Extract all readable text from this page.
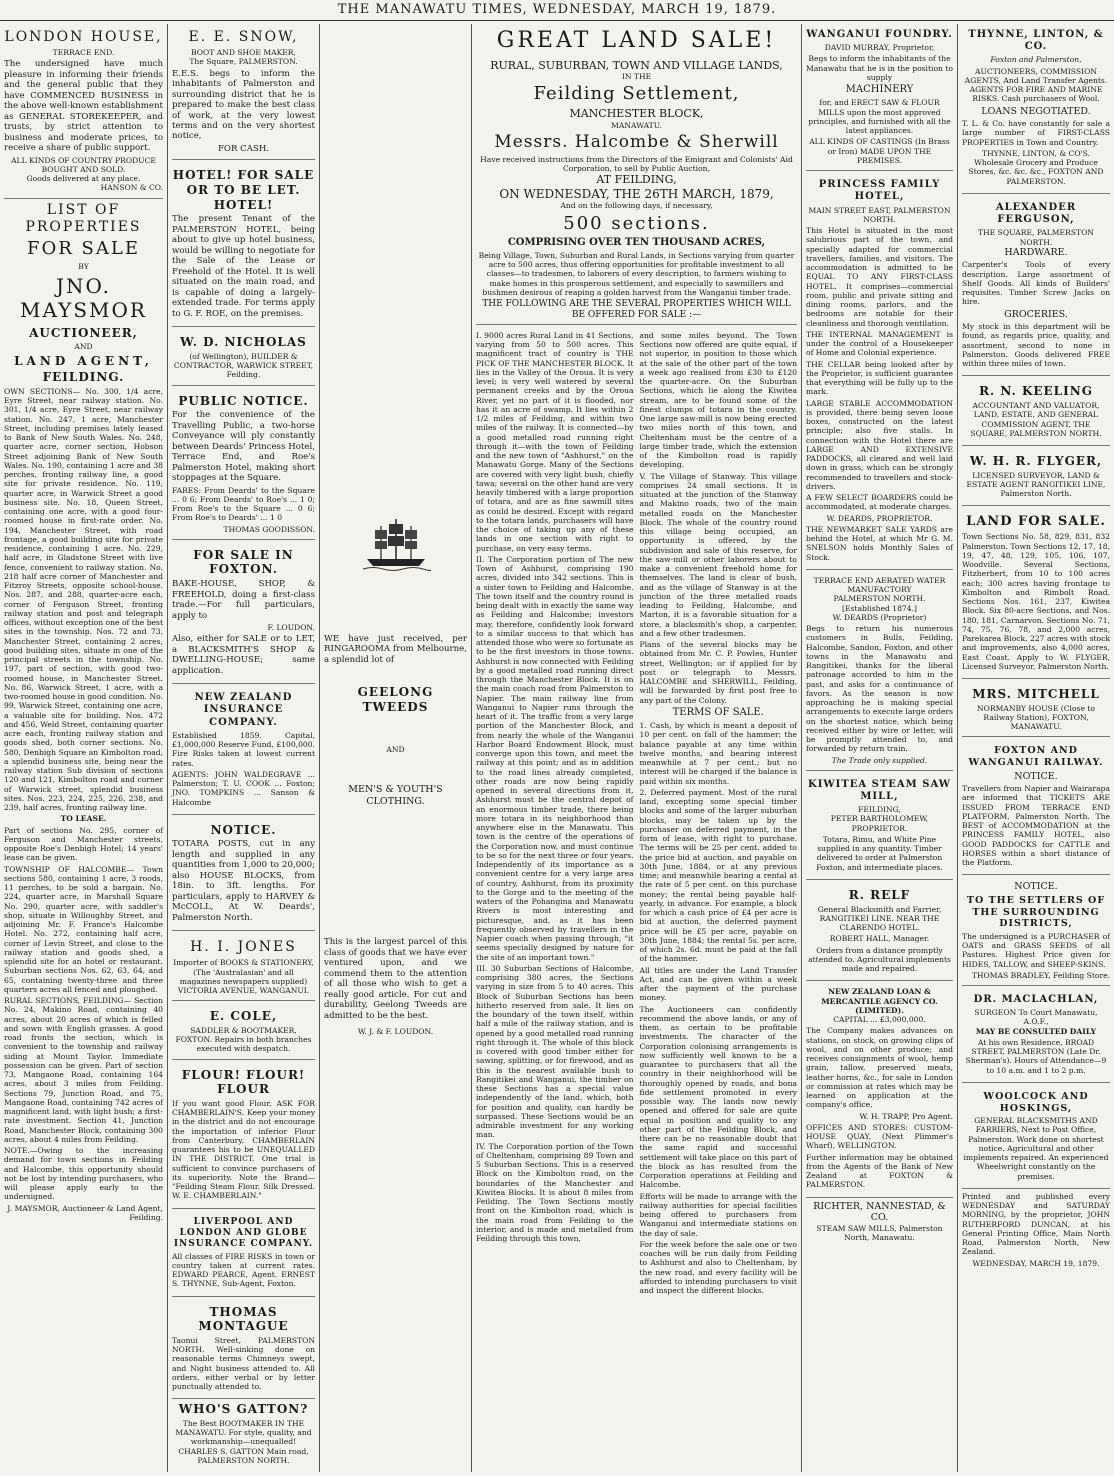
THE MANAWATU TIMES, WEDNESDAY, MARCH 19, 1879.
LONDON HOUSE,
TERRACE END.

The undersigned have much pleasure in informing their friends and the general public that they have COMMENCED BUSINESS in the above well-known establishment as GENERAL STOREKEEPER, and trusts, by strict attention to business and moderate prices, to receive a share of public support.

ALL KINDS OF COUNTRY PRODUCE BOUGHT AND SOLD.
Goods delivered at any place.
HANSON & CO.
LIST OF PROPERTIES
FOR SALE
BY
JNO. MAYSMOR
AUCTIONEER,
AND
LAND AGENT,
FEILDING.

OWN SECTIONS— No. 300, 1/4 acre, Eyre Street, near railway station. No. 301, 1/4 acre, Eyre Street, near railway station. No. 247, 1 acre, Manchester Street, including premises lately leased to Bank of New South Wales. No. 248, quarter acre, corner section, Hobson Street adjoining Bank of New South Wales. No. 190, containing 1 acre and 38 perches, fronting railway line, a good site for private residence. No. 119, quarter acre, in Warwick Street a good business site. No. 18, Queen Street, containing one acre, with a good four-roomed house in first-rate order. No. 194, Manchester Street, with road frontage, a good building site for private residence, containing 1 acre. No. 229, half acre, in Gladstone Street with live fence, convenient to railway station. No. 218 half acre corner of Manchester and Fitzroy Streets, opposite school-house. Nos. 287, and 288, quarter-acre each, corner of Ferguson Street, fronting railway station and post and telegraph offices, without exception one of the best sites in the township. Nos. 72 and 73, Manchester Street, containing 2 acres, good building sites, situate in one of the principal streets in the township. No. 197, part of section, with good two-roomed house, in Manchester Street. No. 86, Warwick Street, 1 acre, with a two-roomed house in good condition. No. 99, Warwick Street, containing one acre, a valuable site for building. Nos. 472 and 456, Weld Street, containing quarter acre each, fronting railway station and goods shed, both corner sections. No. 580, Denbigh Square an Kimbolton road, a splendid business site, being near the railway station Sub division of sections 120 and 121, Kimbolton road and corner of Warwick street, splendid business sites. Nos. 223, 224, 225, 226, 238, and 239, half acres, fronting railway line.

TO LEASE.

Part of sections No. 295, corner of Ferguson and Manchester streets, opposite Roe's Denbigh Hotel; 14 years' lease can be given.

TOWNSHIP OF HALCOMBE— Town sections 580, containing 1 acre, 3 roods, 11 perches, to be sold a bargain. No. 224, quarter acre, in Marshall Square No. 290, quarter acre, with saddler's shop, situate in Willoughby Street, and adjoining Mr. F. France's Halcombe Hotel. No. 272, containing half acre, corner of Levin Street, and close to the railway station and goods shed, a splendid site for an hotel or restaurant. Suburban sections Nos. 62, 63, 64, and 65, containing twenty-three and three quarters acres all fenced and ploughed.

RURAL SECTIONS, FEILDING— Section No. 24, Makino Road, containing 40 acres, about 20 acres of which is felled and sown with English grasses. A good road fronts the section, which is convenient to the township and railway siding at Mount Taylor. Immediate possession can be given. Part of section 73, Mangaone Road, containing 164 acres, about 3 miles from Feilding. Sections 79, Junction Road, and 75, Mangaone Road, containing 742 acres of magnificent land, with light bush; a first-rate investment. Section 41, Junction Road, Manchester Block, containing 300 acres, about 4 miles from Feilding.

NOTE.—Owing to the increasing demand for town sections in Feilding and Halcombe, this opportunity should not be lost by intending purchasers, who will please apply early to the undersigned.

J. MAYSMOR, Auctioneer & Land Agent, Feilding.
E. E. SNOW,
BOOT AND SHOE MAKER,
The Square, PALMERSTON.

E.E.S. begs to inform the inhabitants of Palmerston and surrounding district that he is prepared to make the best class of work, at the very lowest terms and on the very shortest notice,

FOR CASH.
HOTEL! FOR SALE OR TO BE LET. HOTEL!

The present Tenant of the PALMERSTON HOTEL, being about to give up hotel business, would be willing to negotiate for the Sale of the Lease or Freehold of the Hotel. It is well situated on the main road, and is capable of doing a largely-extended trade. For terms apply to G. F. ROE, on the premises.

W. D. NICHOLAS
(of Wellington), BUILDER & CONTRACTOR, WARWICK STREET, Feilding.
PUBLIC NOTICE.

For the convenience of the Travelling Public, a two-horse Conveyance will ply constantly between Deards' Princess Hotel, Terrace End, and Roe's Palmerston Hotel, making short stoppages at the Square.

FARES: From Deards' to the Square ... 0 6; From Deards' to Roe's ... 1 0; From Roe's to the Square ... 0 6; From Roe's to Deards' ... 1 0

THOMAS GOODISSON.
FOR SALE IN FOXTON.

BAKE-HOUSE, SHOP, & FREEHOLD, doing a first-class trade.—For full particulars, apply to

F. LOUDON.

Also, either for SALE or to LET, a BLACKSMITH'S SHOP & DWELLING-HOUSE; same application.

NEW ZEALAND INSURANCE COMPANY.

Established 1859. Capital, £1,000,000 Reserve Fund, £100,000. Fire Risks taken at lowest current rates.

AGENTS: JOHN WALDEGRAVE ... Palmerston; T. U. COOK ... Foxton; JNO. TOMPKINS ... Sanson & Halcombe

NOTICE.

TOTARA POSTS, cut in any length and supplied in any quantities from 1,000 to 20,000; also HOUSE BLOCKS, from 18in. to 3ft. lengths. For particulars, apply to HARVEY & McCOLL, At W. Deards', Palmerston North.

H. I. JONES
Importer of BOOKS & STATIONERY, (The 'Australasian' and all magazines newspapers supplied) VICTORIA AVENUE, WANGANUI.
E. COLE,
SADDLER & BOOTMAKER, FOXTON. Repairs in both branches executed with despatch.
FLOUR! FLOUR! FLOUR

If you want good Flour, ASK FOR CHAMBERLAIN'S. Keep your money in the district and do not encourage the importation of inferior Flour from Canterbury. CHAMBERLAIN guarantees his to be UNEQUALLED IN THE DISTRICT. One trial is sufficient to convince purchasers of its superiority. Note the Brand— "Feilding Steam Flour. Silk Dressed. W. E. CHAMBERLAIN."

LIVERPOOL AND LONDON AND GLOBE INSURANCE COMPANY.

All classes of FIRE RISKS in town or country taken at current rates. EDWARD PEARCE, Agent. ERNEST S. THYNNE, Sub-Agent, Foxton.

THOMAS MONTAGUE

Taonui Street, PALMERSTON NORTH. Well-sinking done on reasonable terms Chimneys swept, and Night business attended to. All orders, either verbal or by letter punctually attended to.

WHO'S GATTON?
The Best BOOTMAKER IN THE MANAWATU. For style, quality, and workmanship—unequalled! CHARLES S. GATTON Main road, PALMERSTON NORTH.

WE have just received, per RINGAROOMA from Melbourne, a splendid lot of

GEELONG TWEEDS
AND
MEN'S & YOUTH'S CLOTHING.

This is the largest parcel of this class of goods that we have ever ventured upon, and we commend them to the attention of all those who wish to get a really good article. For cut and durability, Geelong Tweeds are admitted to be the best.

W. J. & F. LOUDON.
GREAT LAND SALE!
RURAL, SUBURBAN, TOWN AND VILLAGE LANDS,
IN THE
Feilding Settlement,
MANCHESTER BLOCK,
MANAWATU.
Messrs. Halcombe & Sherwill
Have received instructions from the Directors of the Emigrant and Colonists' Aid Corporation, to sell by Public Auction,
AT FEILDING,
ON WEDNESDAY, THE 26TH MARCH, 1879,
And on the following days, if necessary,
500 sections.
COMPRISING OVER TEN THOUSAND ACRES,

Being Village, Town, Suburban and Rural Lands, in Sections varying from quarter acre to 500 acres, thus offering opportunities for profitable investment to all classes—to tradesmen, to laborers of every description, to farmers wishing to make homes in this prosperous settlement, and especially to sawmillers and bushmen desirous of reaping a golden harvest from the Wanganui timber trade.

THE FOLLOWING ARE THE SEVERAL PROPERTIES WHICH WILL BE OFFERED FOR SALE :—

I. 9000 acres Rural Land in 41 Sections, varying from 50 to 500 acres. This magnificent tract of country is THE PICK OF THE MANCHESTER BLOCK. It lies in the Valley of the Oroua. It is very level; is very well watered by several permanent creeks and by the Oroua River, yet no part of it is flooded, nor has it an acre of swamp. It lies within 2 1/2 miles of Feilding, and within two miles of the railway. It is connected—by a good metalled road running right through it—with the town of Feilding and the new town of "Ashhurst," on the Manawatu Gorge. Many of the Sections are covered with very light bush, chiefly tawa; several on the other hand are very heavily timbered with a large proportion of totara, and are as fine sawmill sites as could be desired. Except with regard to the totara lands, purchasers will have the choice of taking up any of these lands in one section with right to purchase, on very easy terms.

II. The Corporation portion of The new Town of Ashhurst, comprising 190 acres, divided into 342 sections. This is a sister town to Feilding and Halcombe. The town itself and the country round is being dealt with in exactly the same way as Feilding and Halcombe; investors may, therefore, confidently look forward to a similar success to that which has attended those who were so fortunate as to be the first investors in those towns. Ashhurst is now connected with Feilding by a good metalled road running direct through the Manchester Block. It is on the main coach road from Palmerston to Napier. The main railway line from Wanganui to Napier runs through the heart of it. The traffic from a very large portion of the Manchester Block, and from nearly the whole of the Wanganui Harbor Board Endowment Block, must converge upon this town, and meet the railway at this point; and as in addition to the road lines already completed, other roads are now being rapidly opened in several directions from it, Ashhurst must be the central depot of an enormous timber trade, there being more totara in its neighborhood than anywhere else in the Manawatu. This town is the centre of the operations of the Corporation now, and must continue to be so for the next three or four years. Independently of its importance as a convenient centre for a very large area of country, Ashhurst, from its proximity to the Gorge and to the meeting of the waters of the Pohangina and Manawatu Rivers is most interesting and picturesque, and, as it has been frequently observed by travellers in the Napier coach when passing through, "it seems specially designed by nature for the site of an important town."

III. 30 Suburban Sections of Halcombe, comprising 380 acres, the Sections varying in size from 5 to 40 acres. This Block of Suburban Sections has been hitherto reserved from sale. It lies on the boundary of the town itself, within half a mile of the railway station, and is opened by a good metalled road running right through it. The whole of this block is covered with good timber either for sawing, splitting, or for firewood, and as this is the nearest available bush to Rangitikei and Wanganui, the timber on these Sections has a special value independently of the land, which, both for position and quality, can hardly be surpassed. These Sections would be an admirable investment for any working man.

IV. The Corporation portion of the Town of Cheltenham, comprising 89 Town and 5 Suburban Sections. This is a reserved Block on the Kimbolton road, on the boundaries of the Manchester and Kiwitea Blocks. It is about 8 miles from Feilding. The Town Sections mostly front on the Kimbolton road, which is the main road from Feilding to the interior, and is made and metalled from Feilding through this town,

and some miles beyond. The Town Sections now offered are quite equal, if not superior, in position to those which at the sale of the other part of the town a week ago realised from £30 to £120 the quarter-acre. On the Suburban Sections, which lie along the Kiwitea stream, are to be found some of the finest clumps of totara in the country. One large saw-mill is now being erected two miles north of this town, and Cheltenham must be the centre of a large timber trade, which the extension of the Kimbolton road is rapidly developing.

V. The Village of Stanway. This village comprises 24 small sections. It is situated at the junction of the Stanway and Makino roads, two of the main metalled roads on the Manchester Block. The whole of the country round this village being occupied, an opportunity is offered, by the subdivision and sale of this reserve, for the saw-mill or other laborers about to make a convenient freehold home for themselves. The land is clear of bush, and as the village of Stanway is at the junction of the three metalled roads leading to Feilding, Halcombe, and Marton, it is a favorable situation for a store, a blacksmith's shop, a carpenter, and a few other tradesmen.

Plans of the several blocks may be obtained from Mr. C. P. Powles, Hunter street, Wellington; or if applied for by post or telegraph to Messrs. HALCOMBE and SHERWILL, Feilding, will be forwarded by first post free to any part of the Colony.

TERMS OF SALE.

1. Cash, by which is meant a deposit of 10 per cent. on fall of the hammer; the balance payable at any time within twelve months, and bearing interest meanwhile at 7 per cent.; but no interest will be charged if the balance is paid within six months.

2. Deferred payment. Most of the rural land, excepting some special timber blocks and some of the larger suburban blocks, may be taken up by the purchaser on deferred payment, in the form of lease, with right to purchase. The terms will be 25 per cent. added to the price bid at auction, and payable on 30th June, 1884, or at any previous time; and meanwhile bearing a rental at the rate of 5 per cent. on this purchase money; the rental being payable half-yearly, in advance. For example, a block for which a cash price of £4 per acre is bid at auction, the deferred payment price will be £5 per acre, payable on 30th June, 1884; the rental 5s. per acre, of which 2s. 6d. must be paid at the fall of the hammer.

All titles are under the Land Transfer Act, and can be given within a week after the payment of the purchase money.

The Auctioneers can confidently recommend the above lands, or any of them, as certain to be profitable investments. The character of the Corporation colonising arrangements is now sufficiently well known to be a guarantee to purchasers that all the country in their neighborhood will be thoroughly opened by roads, and bona fide settlement promoted in every possible way. The lands now newly opened and offered for sale are quite equal in position and quality to any other part of the Feilding Block, and there can be no reasonable doubt that the same rapid and successful settlement will take place on this part of the block as has resulted from the Corporation operations at Feilding and Halcombe.

Efforts will be made to arrange with the railway authorities for special facilities being offered to purchasers from Wanganui and intermediate stations on the day of sale.

For the week before the sale one or two coaches will be run daily from Feilding to Ashhurst and also to Cheltenham, by the new road, and every facility will be afforded to intending purchasers to visit and inspect the different blocks.

WANGANUI FOUNDRY.
DAVID MURRAY, Proprietor,

Begs to inform the inhabitants of the Manawatu that he is in the position to supply

MACHINERY

for, and ERECT SAW & FLOUR MILLS upon the most approved principles, and furnished with all the latest appliances.

ALL KINDS OF CASTINGS (In Brass or Iron) MADE UPON THE PREMISES.
PRINCESS FAMILY HOTEL,
MAIN STREET EAST, PALMERSTON NORTH.

This Hotel is situated in the most salubrious part of the town, and specially adapted for commercial travellers, families, and visitors. The accommodation is admitted to be EQUAL TO ANY FIRST-CLASS HOTEL. It comprises—commercial room, public and private sitting and dining rooms, parlors, and the bedrooms are notable for their cleanliness and thorough ventilation.

THE INTERNAL MANAGEMENT is under the control of a Housekeeper of Home and Colonial experience.

THE CELLAR being looked after by the Proprietor, is sufficient guarantee that everything will be fully up to the mark.

LARGE STABLE ACCOMMODATION is provided, there being seven loose boxes, constructed on the latest principle; also five stalls. In connection with the Hotel there are LARGE AND EXTENSIVE PADDOCKS, all cleared and well laid down in grass, which can be strongly recommended to travellers and stock-drivers.

A FEW SELECT BOARDERS could be accommodated, at moderate charges.

W. DEARDS, PROPRIETOR.

THE NEWMARKET SALE YARDS are behind the Hotel, at which Mr G. M. SNELSON holds Monthly Sales of Stock.

TERRACE END AERATED WATER MANUFACTORY
PALMERSTON NORTH.
[Established 1874.]
W. DEARDS (Proprietor)

Begs to return his numerous customers in Bulls, Feilding, Halcombe, Sandon, Foxton, and other towns in the Manawatu and Rangitikei, thanks for the liberal patronage accorded to him in the past, and asks for a continuance of favors. As the season is now approaching he is making special arrangements to execute large orders on the shortest notice, which being received either by wire or letter, will be promptly attended to, and forwarded by return train.

The Trade only supplied.
KIWITEA STEAM SAW MILL,
FEILDING,
PETER BARTHOLOMEW, PROPRIETOR.

Totara, Rimu, and White Pine supplied in any quantity. Timber delivered to order at Palmerston Foxton, and intermediate places.

R. RELF

General Blacksmith and Farrier, RANGITIKEI LINE. NEAR THE CLARENDO HOTEL.

ROBERT HALL, Manager.

Orders from a distance promptly attended to. Agricultural implements made and repaired.

NEW ZEALAND LOAN & MERCANTILE AGENCY CO. (LIMITED).
CAPITAL ... £3,000,000.

The Company makes advances on stations, on stock, on growing clips of wool, and on other produce; and receives consignments of wool, hemp grain, tallow, preserved meats, leather horns, &c., for sale in London or commission at rates which may be learned on application at the company's office,

W. H. TRAPP, Pro Agent.

OFFICES AND STORES: CUSTOM-HOUSE QUAY, (Next Plimmer's Wharf), WELLINGTON.

Further information may be obtained from the Agents of the Bank of New Zealand at FOXTON & PALMERSTON.

RICHTER, NANNESTAD, & CO.
STEAM SAW MILLS, Palmerston North, Manawatu.
THYNNE, LINTON, & CO.
Foxton and Palmerston,

AUCTIONEERS, COMMISSION AGENTS, And Land Transfer Agents. AGENTS FOR FIRE AND MARINE RISKS. Cash purchasers of Wool.

LOANS NEGOTIATED.

T. L. & Co. have constantly for sale a large number of FIRST-CLASS PROPERTIES in Town and Country.

THYNNE, LINTON, & CO'S. Wholesale Grocery and Produce Stores, &c. &c. &c., FOXTON AND PALMERSTON.

ALEXANDER FERGUSON,
THE SQUARE, PALMERSTON NORTH.
HARDWARE.

Carpenter's Tools of every description. Large assortment of Shelf Goods. All kinds of Builders' requisites. Timber Screw Jacks on hire.

GROCERIES.

My stock in this department will be found, as regards price, quality, and assortment, second to none in Palmerston. Goods delivered FREE within three miles of town.

R. N. KEELING

ACCOUNTANT AND VALUATOR, LAND, ESTATE, AND GENERAL COMMISSION AGENT, THE SQUARE, PALMERSTON NORTH.

W. H. R. FLYGER,

LICENSED SURVEYOR, LAND & ESTATE AGENT RANGITIKEI LINE, Palmerston North.

LAND FOR SALE.

Town Sections No. 58, 829, 831, 832 Palmerston. Town Sections 12, 17, 18, 19, 47, 48, 129, 105, 106, 107, Woodville. Several Sections, Fitzherbert, from 10 to 100 acres each; 300 acres having frontage to Kimbolton and Rimbolt Road. Sections Nos. 161, 237, Kiwitea Block. Six 80-acre Sections, and Nos. 180, 181, Carnarvon. Sections No. 71, 74, 75, 76, 78, and 2,000 acres, Parekarea Block. 227 acres with stock and improvements, also 4,000 acres, East Coast. Apply to W. FLYGER, Licensed Surveyor, Palmerston North.

MRS. MITCHELL
NORMANBY HOUSE (Close to Railway Station), FOXTON, MANAWATU.
FOXTON AND WANGANUI RAILWAY.
NOTICE.

Travellers from Napier and Wairarapa are informed that TICKETS ARE ISSUED FROM TERRACE END PLATFORM, Palmerston North. The BEST of ACCOMMODATION at the PRINCESS FAMILY HOTEL, also GOOD PADDOCKS for CATTLE and HORSES within a short distance of the Platform.

NOTICE.
TO THE SETTLERS OF THE SURROUNDING DISTRICTS,

The undersigned is a PURCHASER of OATS and GRASS SEEDS of all Pastures. Highest Price given for HIDES, TALLOW, and SHEEP-SKINS.

THOMAS BRADLEY, Feilding Store.
DR. MACLACHLAN,
SURGEON To Court Manawatu, A.O.F.,
MAY BE CONSULTED DAILY

At his own Residence, BROAD STREET, PALMERSTON (Late Dr. Sherman's). Hours of Attendance—9 to 10 a.m. and 1 to 2 p.m.

WOOLCOCK AND HOSKINGS,

GENERAL BLACKSMITHS AND FARRIERS, Next to Post Office, Palmerston. Work done on shortest notice. Agricultural and other implements repaired. An experienced Wheelwright constantly on the premises.

Printed and published every WEDNESDAY and SATURDAY MORNING, by the proprietor, JOHN RUTHERFORD DUNCAN, at his General Printing Office, Main North Road, Palmerston North, New Zealand.

WEDNESDAY, MARCH 19, 1879.
